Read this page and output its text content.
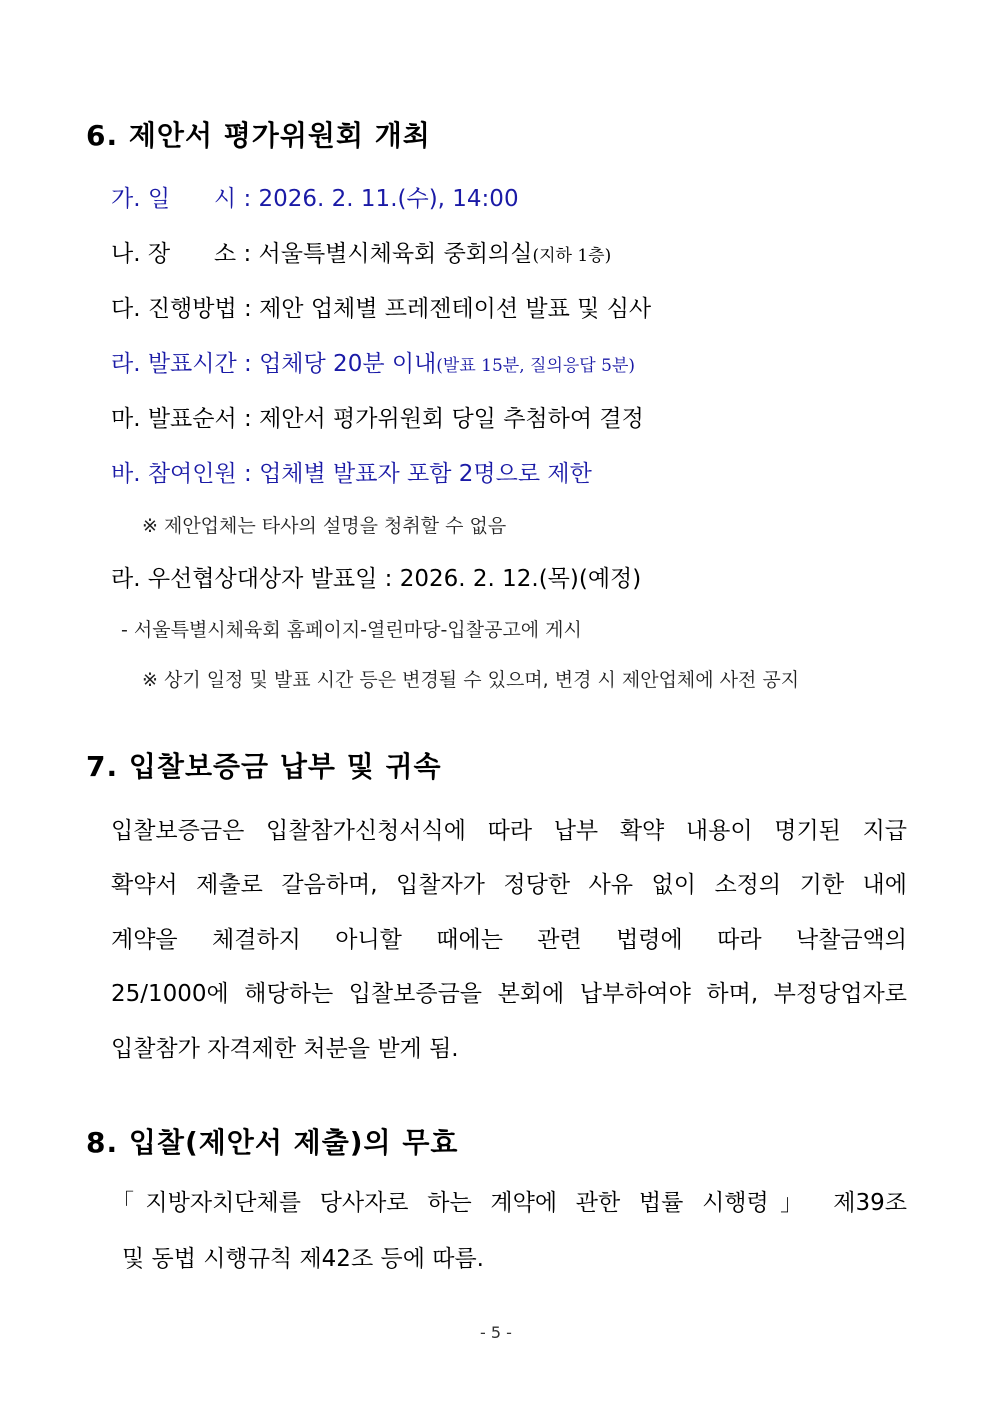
6. 제안서 평가위원회 개최
가. 일      시 : 2026. 2. 11.(수), 14:00
나. 장      소 : 서울특별시체육회 중회의실(지하 1층)
다. 진행방법 : 제안 업체별 프레젠테이션 발표 및 심사
라. 발표시간 : 업체당 20분 이내(발표 15분, 질의응답 5분)
마. 발표순서 : 제안서 평가위원회 당일 추첨하여 결정
바. 참여인원 : 업체별 발표자 포함 2명으로 제한
※ 제안업체는 타사의 설명을 청취할 수 없음
라. 우선협상대상자 발표일 : 2026. 2. 12.(목)(예정)
- 서울특별시체육회 홈페이지-열린마당-입찰공고에 게시
※ 상기 일정 및 발표 시간 등은 변경될 수 있으며, 변경 시 제안업체에 사전 공지
7. 입찰보증금 납부 및 귀속
입찰보증금은 입찰참가신청서식에 따라 납부 확약 내용이 명기된 지급
확약서 제출로 갈음하며, 입찰자가 정당한 사유 없이 소정의 기한 내에
계약을 체결하지 아니할 때에는 관련 법령에 따라 낙찰금액의
25/1000에 해당하는 입찰보증금을 본회에 납부하여야 하며, 부정당업자로
입찰참가 자격제한 처분을 받게 됨.
8. 입찰(제안서 제출)의 무효
「지방자치단체를 당사자로 하는 계약에 관한 법률 시행령」 제39조
및 동법 시행규칙 제42조 등에 따름.
- 5 -
